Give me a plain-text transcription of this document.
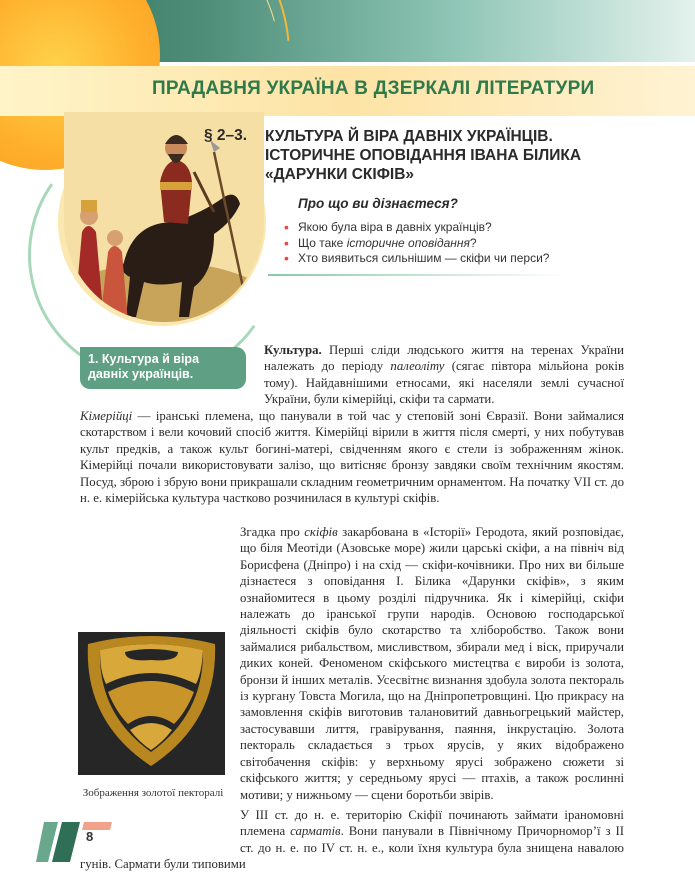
ПРАДАВНЯ УКРАЇНА В ДЗЕРКАЛІ ЛІТЕРАТУРИ
§ 2–3. КУЛЬТУРА Й ВІРА ДАВНІХ УКРАЇНЦІВ.
ІСТОРИЧНЕ ОПОВІДАННЯ ІВАНА БІЛИКА
«ДАРУНКИ СКІФІВ»
Про що ви дізнаєтеся?
• Якою була віра в давніх українців?
• Що таке історичне оповідання?
• Хто виявиться сильнішим — скіфи чи перси?
1. Культура й віра
давніх українців.

Культура. Перші сліди людського життя на теренах України належать до періоду палеоліту (сягає півтора мільйона років тому). Найдавнішими етносами, які населяли землі сучасної України, були кімерійці, скіфи та сармати.

Кімерійці — іранські племена, що панували в той час у степовій зоні Євразії. Вони займалися скотарством і вели кочовий спосіб життя. Кімерійці вірили в життя після смерті, у них побутував культ предків, а також культ богині-матері, свідченням якого є стели із зображенням жінок. Кімерійці почали використовувати залізо, що витісняє бронзу завдяки своїм технічним якостям. Посуд, зброю і збрую вони прикрашали складним геометричним орнаментом. На початку VII ст. до н. е. кімерійська культура частково розчинилася в культурі скіфів.

Згадка про скіфів закарбована в «Історії» Геродота, який розповідає, що біля Меотіди (Азовське море) жили царські скіфи, а на північ від Борисфена (Дніпро) і на схід — скіфи-кочівники. Про них ви більше дізнаєтеся з оповідання І. Білика «Дарунки скіфів», з яким ознайомитеся в цьому розділі підручника. Як і кімерійці, скіфи належать до іранської групи народів. Основою господарської діяльності скіфів було скотарство та хліборобство. Також вони займалися рибальством, мисливством, збирали мед і віск, приручали диких коней. Феноменом скіфського мистецтва є вироби із золота, бронзи й інших металів. Усесвітнє визнання здобула золота пектораль із кургану Товста Могила, що на Дніпропетровщині. Цю прикрасу на замовлення скіфів виготовив талановитий давньогрецький майстер, застосувавши лиття, гравірування, паяння, інкрустацію. Золота пектораль складається з трьох ярусів, у яких відображено світобачення скіфів: у верхньому ярусі зображено сюжети зі скіфського життя; у середньому ярусі — птахів, а також рослинні мотиви; у нижньому — сцени боротьби звірів.

У III ст. до н. е. територію Скіфії починають займати іраномовні племена сарматів. Вони панували в Північному Причорномор’ї з II ст. до н. е. по IV ст. н. е., коли їхня культура була знищена навалою гунів. Сармати були типовими

Зображення золотої пекторалі
8
